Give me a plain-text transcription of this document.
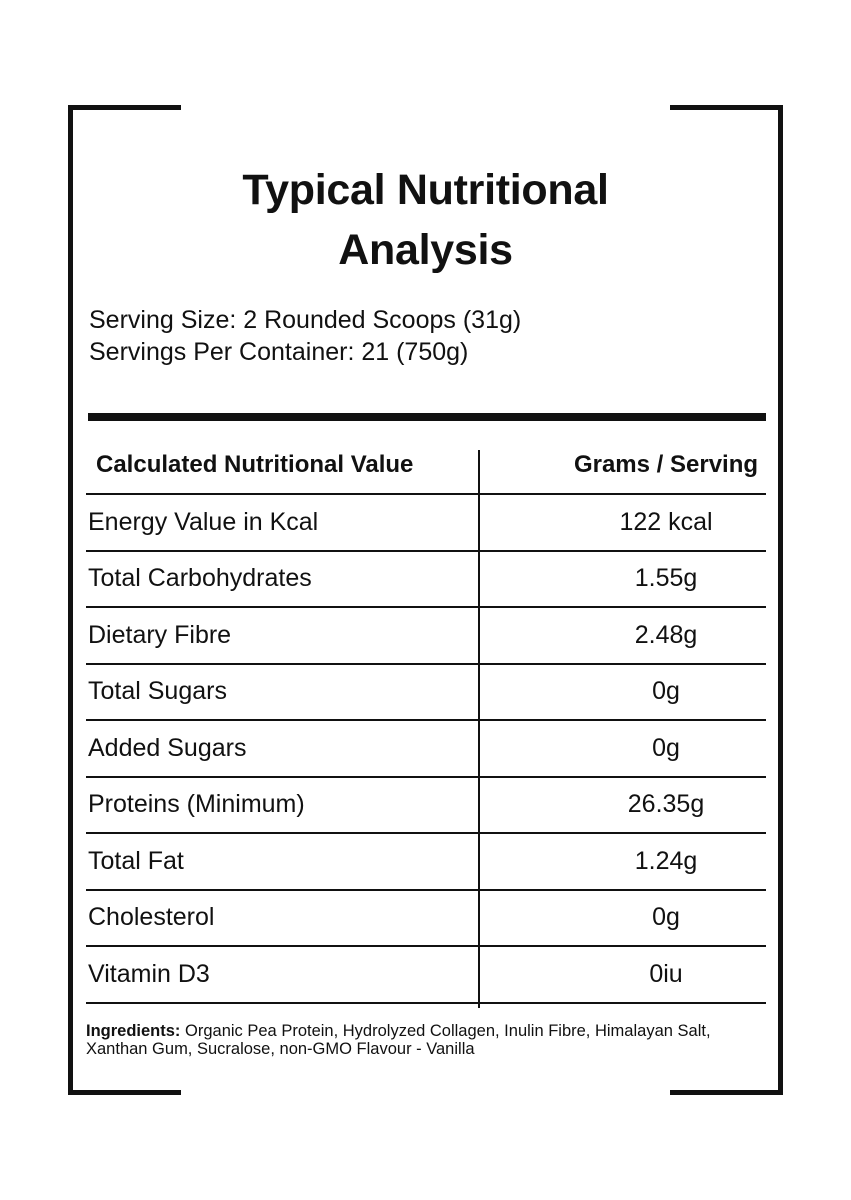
Typical Nutritional
Analysis
Serving Size: 2 Rounded Scoops (31g)
Servings Per Container: 21 (750g)
Calculated Nutritional Value	Grams / Serving
Energy Value in Kcal	122 kcal
Total Carbohydrates	1.55g
Dietary Fibre	2.48g
Total Sugars	0g
Added Sugars	0g
Proteins (Minimum)	26.35g
Total Fat	1.24g
Cholesterol	0g
Vitamin D3	0iu
Ingredients: Organic Pea Protein, Hydrolyzed Collagen, Inulin Fibre, Himalayan Salt, Xanthan Gum, Sucralose, non-GMO Flavour - Vanilla
